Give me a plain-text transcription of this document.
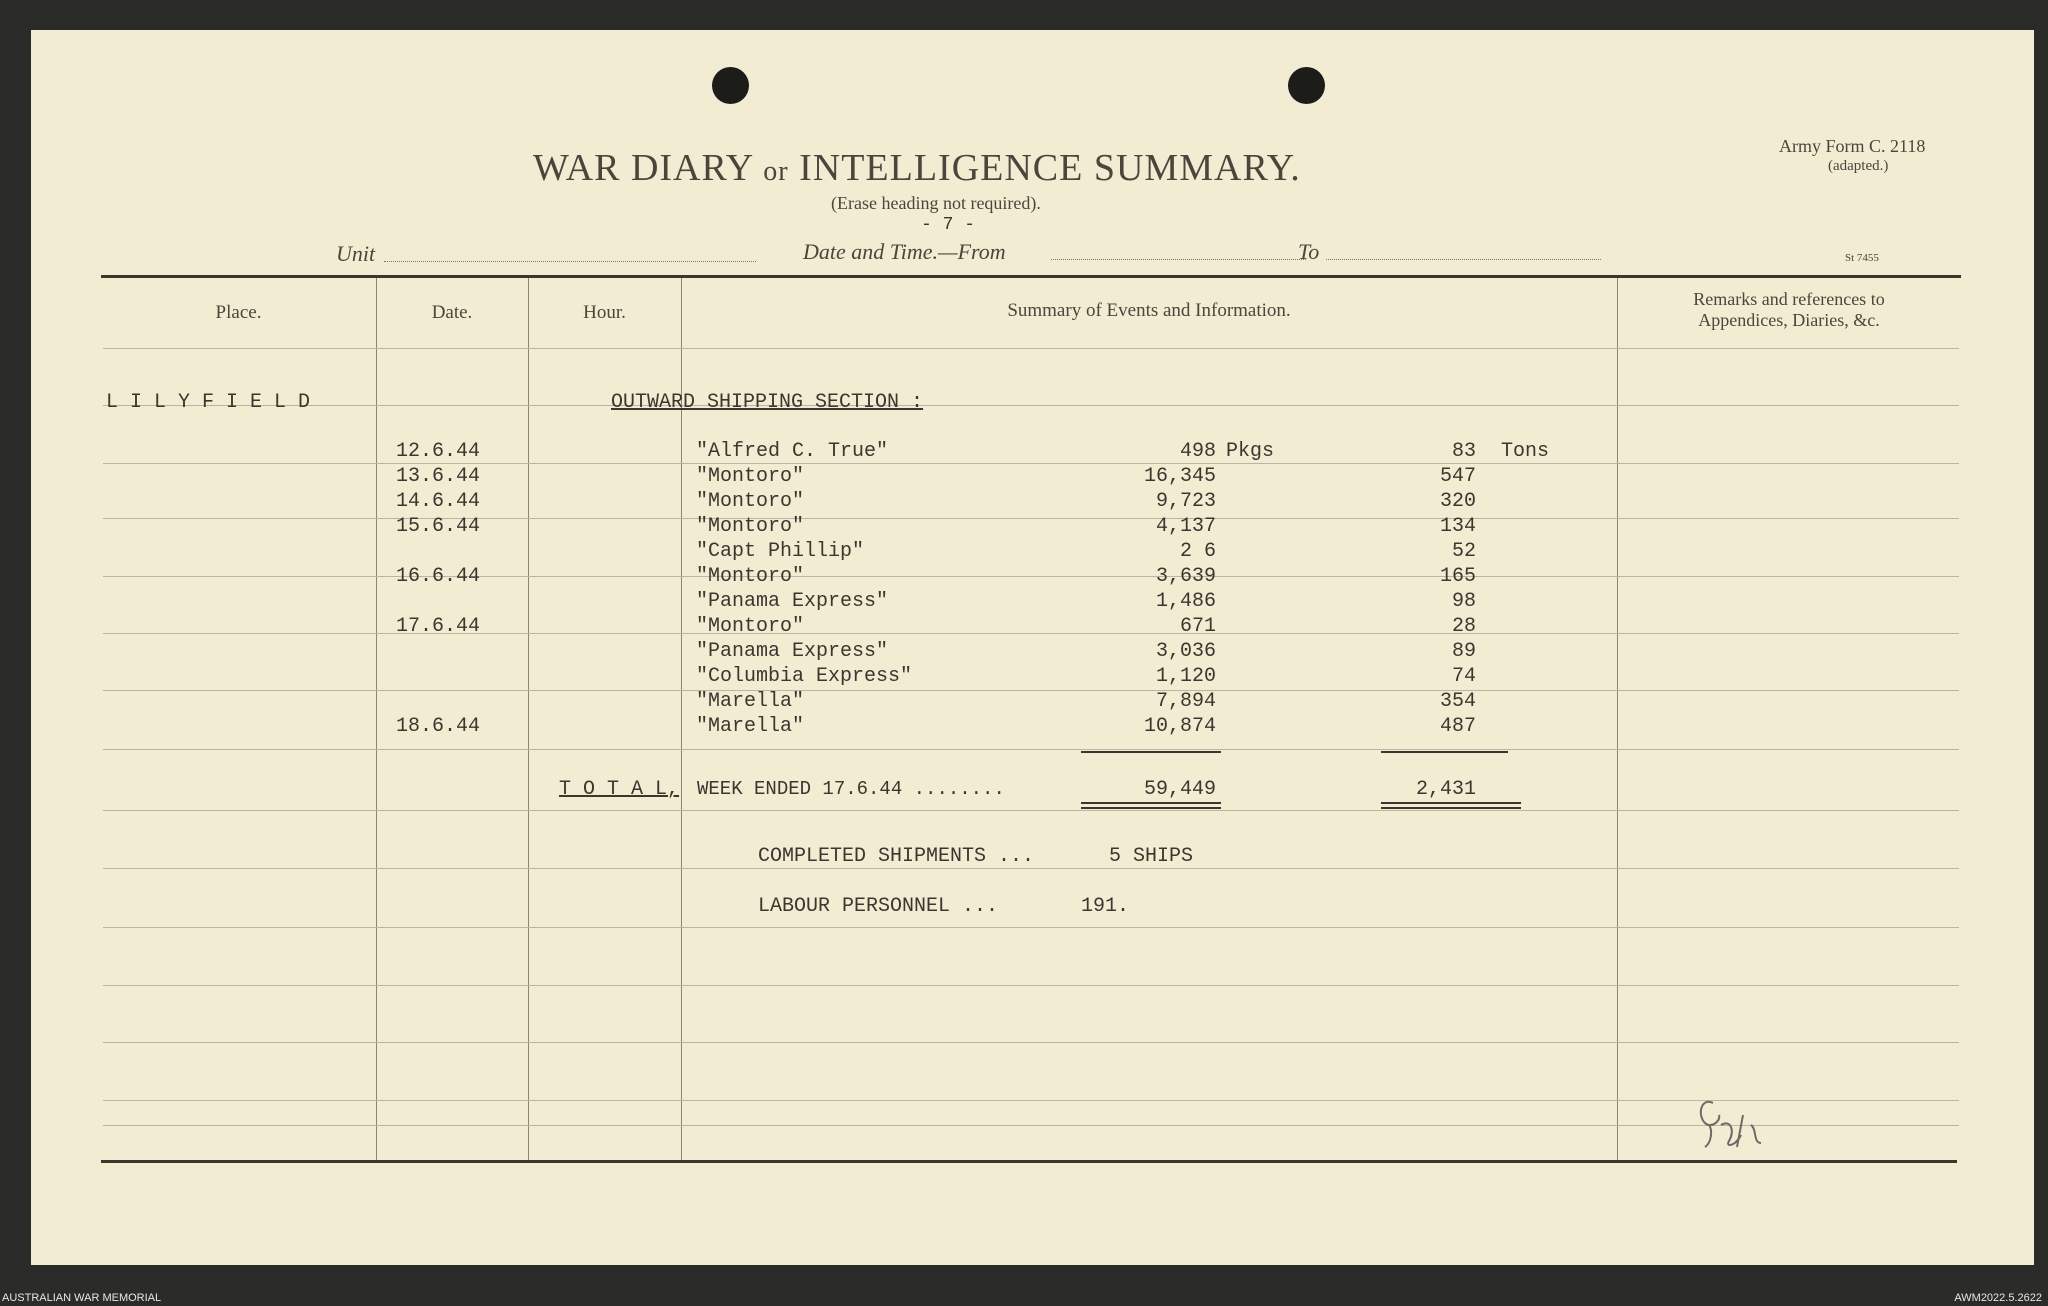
WAR DIARY or INTELLIGENCE SUMMARY.
(Erase heading not required).
- 7 -
Army Form C. 2118
(adapted.)
St 7455
Unit	Date and Time.—From	To
Place.	Date.	Hour.	Summary of Events and Information.
Remarks and references to
Appendices, Diaries, &c.
L I L Y F I E L D	OUTWARD SHIPPING SECTION :
12.6.44	"Alfred C. True"	498 Pkgs	83 Tons
13.6.44	"Montoro"	16,345	547
14.6.44	"Montoro"	9,723	320
15.6.44	"Montoro"	4,137	134
"Capt Phillip"	2 6	52
16.6.44	"Montoro"	3,639	165
"Panama Express"	1,486	98
17.6.44	"Montoro"	671	28
"Panama Express"	3,036	89
"Columbia Express"	1,120	74
"Marella"	7,894	354
18.6.44	"Marella"	10,874	487
T O T A L, WEEK ENDED 17.6.44 ........	59,449	2,431
COMPLETED SHIPMENTS ...	5 SHIPS
LABOUR PERSONNEL ...	191.
AUSTRALIAN WAR MEMORIAL	AWM2022.5.2622
